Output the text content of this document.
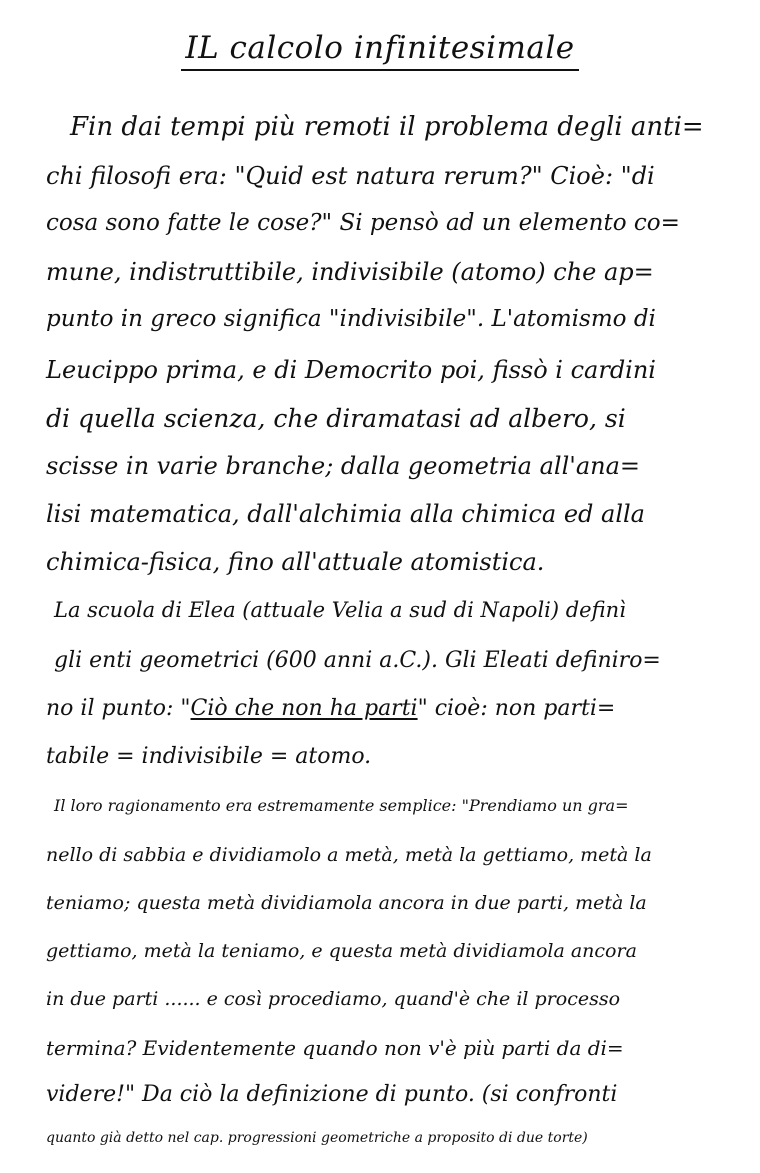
IL calcolo infinitesimale
Fin dai tempi più remoti il problema degli anti=
chi filosofi era: "Quid est natura rerum?" Cioè: "di
cosa sono fatte le cose?" Si pensò ad un elemento co=
mune, indistruttibile, indivisibile (atomo) che ap=
punto in greco significa "indivisibile". L'atomismo di
Leucippo prima, e di Democrito poi, fissò i cardini
di quella scienza, che diramatasi ad albero, si
scisse in varie branche; dalla geometria all'ana=
lisi matematica, dall'alchimia alla chimica ed alla
chimica-fisica, fino all'attuale atomistica.
La scuola di Elea (attuale Velia a sud di Napoli) definì
gli enti geometrici (600 anni a.C.). Gli Eleati definiro=
no il punto: "Ciò che non ha parti" cioè: non parti=
tabile = indivisibile = atomo.
Il loro ragionamento era estremamente semplice: "Prendiamo un gra=
nello di sabbia e dividiamolo a metà, metà la gettiamo, metà la
teniamo; questa metà dividiamola ancora in due parti, metà la
gettiamo, metà la teniamo, e questa metà dividiamola ancora
in due parti ...... e così procediamo, quand'è che il processo
termina? Evidentemente quando non v'è più parti da di=
videre!" Da ciò la definizione di punto. (si confronti
quanto già detto nel cap. progressioni geometriche a proposito di due torte)
